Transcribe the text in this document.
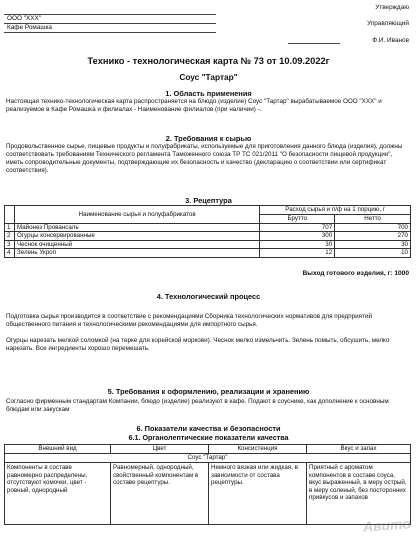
ООО "XXX"
Кафе Ромашка
Утверждаю
Управляющий
Ф.И. Иванов
Технико - технологическая карта № 73 от 10.09.2022г
Соус "Тартар"
1. Область применения
Настоящая технико-технологическая карта распространяется на блюдо (изделие) Соус "Тартар" вырабатываемое ООО "XXX" и реализуемое в Кафе Ромашка и филиалах - Наименование филиалов (при наличии) -.
2. Требования к сырью
Продовольственное сырье, пищевые продукты и полуфабрикаты, используемые для приготовления данного блюда (изделия), должны соответствовать требованиям Технического регламента Таможенного союза ТР ТС 021/2011 "О безопасности пищевой продукции", иметь сопроводительные документы, подтверждающие их безопасность и качество (декларацию о соответствии или сертификат соответствия).
3. Рецептура
	Наименование сырья и полуфабрикатов	Расход сырья и п/ф на 1 порцию, г	
		Брутто	Нетто
1	Майонез Провансаль	707	700
2	Огурцы консервированные	300	270
3	Чеснок очищенный	30	30
4	Зелень Укроп	12	10
Выход готового изделия, г: 1000
4. Технологический процесс
Подготовка сырья производится в соответствие с рекомендациями Сборника технологических нормативов для предприятий общественного питания и технологическими рекомендациями для импортного сырья.
Огурцы нарезать мелкой соломкой (на терке для корейской моркови). Чеснок мелко измельчить. Зелень помыть, обсушить, мелко нарезать. Все ингредиенты хорошо перемешать.
5. Требования к оформлению, реализации и хранению
Согласно фирменным стандартам Компании, блюдо (изделие) реализуют в кафе. Подают в соуснике, как дополнение к основным блюдам или закускам
6. Показатели качества и безопасности
6.1. Органолептические показатели качества
Внешний вид	Цвет	Консистенция	Вкус и запах
Соус "Тартар"			
Компоненты в составе равномерно распределены, отсутствуют комочки, цвет - ровный, однородный	Равномерный, однородный, свойственный компонентам в составе рецептуры.	Немного вязкая или жидкая, в зависимости от состава рецептуры.	Приятный с ароматом компонентов в составе соуса, вкус выраженный, в меру острый, в меру соленый, без посторонних привкусов и запахов
Авито
